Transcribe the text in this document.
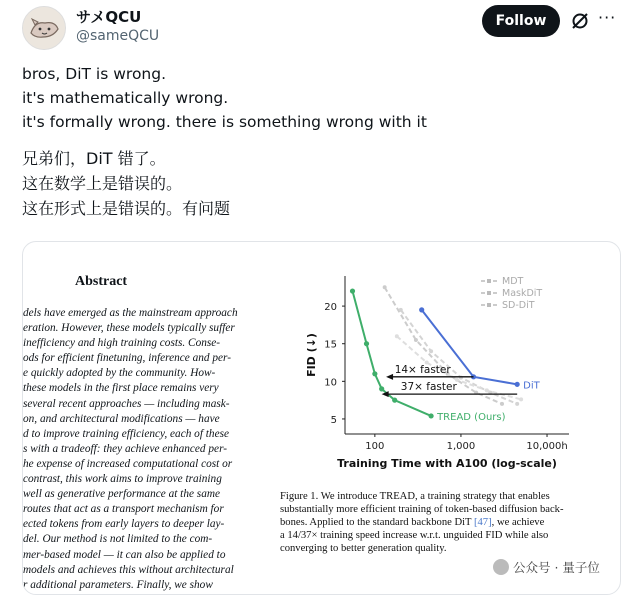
サメQCU
@sameQCU
Follow	···
bros, DiT is wrong.
it's mathematically wrong.
it's formally wrong. there is something wrong with it
兄弟们，DiT 错了。
这在数学上是错误的。
这在形式上是错误的。有问题
Abstract
dels have emerged as the mainstream approach
eration. However, these models typically suffer
inefficiency and high training costs. Conse-
ods for efficient finetuning, inference and per-
e quickly adopted by the community. How-
these models in the first place remains very
several recent approaches — including mask-
on, and architectural modifications — have
d to improve training efficiency, each of these
s with a tradeoff: they achieve enhanced per-
he expense of increased computational cost or
contrast, this work aims to improve training
well as generative performance at the same
routes that act as a transport mechanism for
ected tokens from early layers to deeper lay-
del. Our method is not limited to the com-
mer-based model — it can also be applied to
models and achieves this without architectural
r additional parameters. Finally, we show
5
10
15
20
100	1,000	10,000h
Training Time with A100 (log-scale)
FID (↓)
DiT
TREAD (Ours)
MDT
MaskDiT
SD-DiT
14× faster
37× faster
Figure 1. We introduce TREAD, a training strategy that enables
substantially more efficient training of token-based diffusion back-
bones. Applied to the standard backbone DiT [47], we achieve
a 14/37× training speed increase w.r.t. unguided FID while also
converging to better generation quality.
公众号 · 量子位
